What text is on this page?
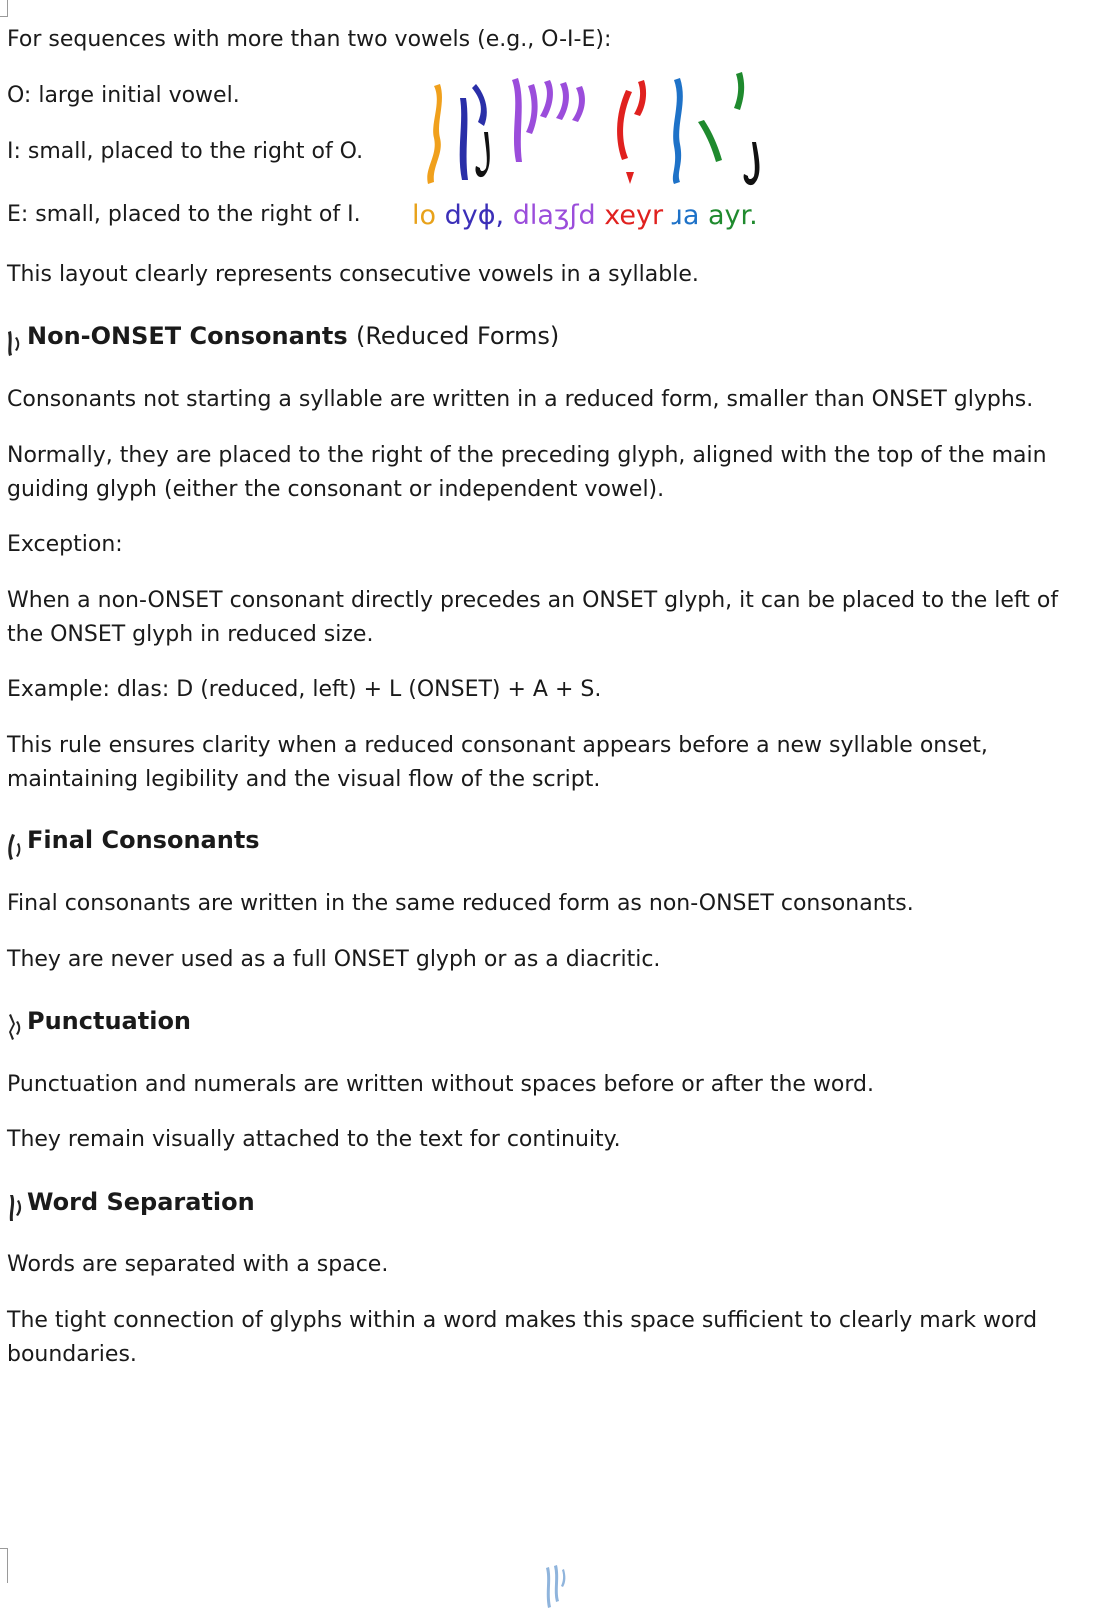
For sequences with more than two vowels (e.g., O-I-E):
O: large initial vowel.
I: small, placed to the right of O.
E: small, placed to the right of I. lo dyɸ, dlaʒʃd xeyr ɹa ayr.
This layout clearly represents consecutive vowels in a syllable.
Non-ONSET Consonants (Reduced Forms)
Consonants not starting a syllable are written in a reduced form, smaller than ONSET glyphs.
Normally, they are placed to the right of the preceding glyph, aligned with the top of the main guiding glyph (either the consonant or independent vowel).
Exception:
When a non-ONSET consonant directly precedes an ONSET glyph, it can be placed to the left of the ONSET glyph in reduced size.
Example: dlas: D (reduced, left) + L (ONSET) + A + S.
This rule ensures clarity when a reduced consonant appears before a new syllable onset, maintaining legibility and the visual flow of the script.
Final Consonants
Final consonants are written in the same reduced form as non-ONSET consonants.
They are never used as a full ONSET glyph or as a diacritic.
Punctuation
Punctuation and numerals are written without spaces before or after the word.
They remain visually attached to the text for continuity.
Word Separation
Words are separated with a space.
The tight connection of glyphs within a word makes this space sufficient to clearly mark word boundaries.
